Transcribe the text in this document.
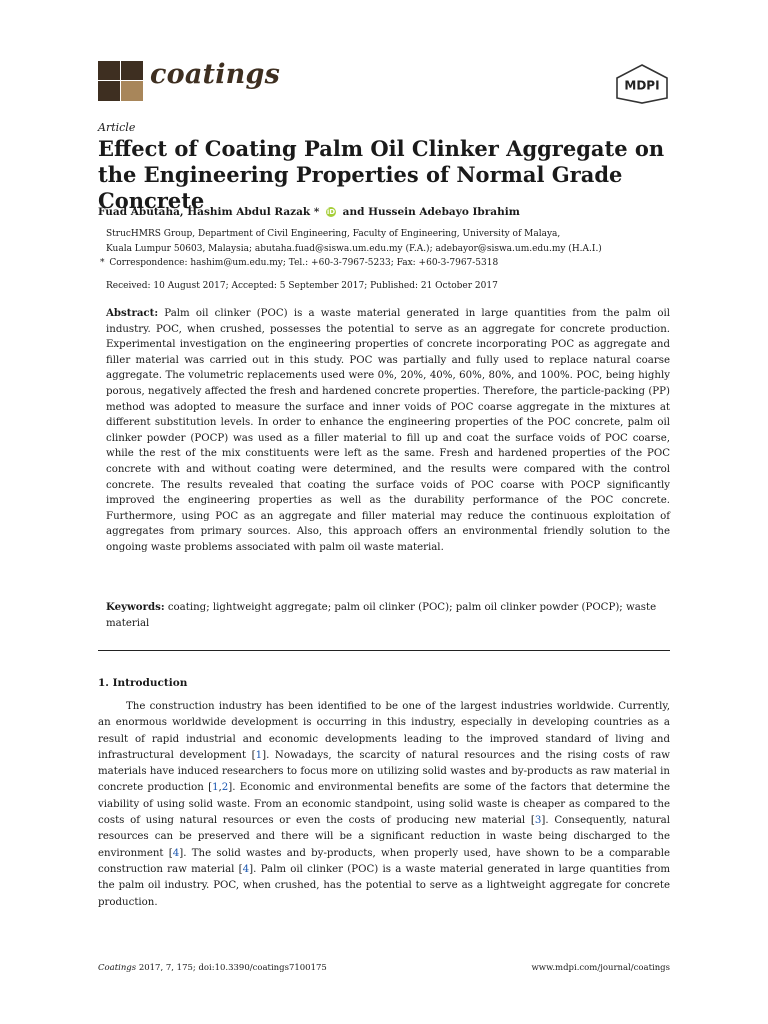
coatings	MDPI
Article
Effect of Coating Palm Oil Clinker Aggregate on the Engineering Properties of Normal Grade Concrete
Fuad Abutaha, Hashim Abdul Razak * iD and Hussein Adebayo Ibrahim
StrucHMRS Group, Department of Civil Engineering, Faculty of Engineering, University of Malaya,
Kuala Lumpur 50603, Malaysia; abutaha.fuad@siswa.um.edu.my (F.A.); adebayor@siswa.um.edu.my (H.A.I.)
* Correspondence: hashim@um.edu.my; Tel.: +60-3-7967-5233; Fax: +60-3-7967-5318
Received: 10 August 2017; Accepted: 5 September 2017; Published: 21 October 2017
Abstract: Palm oil clinker (POC) is a waste material generated in large quantities from the palm oil industry. POC, when crushed, possesses the potential to serve as an aggregate for concrete production. Experimental investigation on the engineering properties of concrete incorporating POC as aggregate and filler material was carried out in this study. POC was partially and fully used to replace natural coarse aggregate. The volumetric replacements used were 0%, 20%, 40%, 60%, 80%, and 100%. POC, being highly porous, negatively affected the fresh and hardened concrete properties. Therefore, the particle-packing (PP) method was adopted to measure the surface and inner voids of POC coarse aggregate in the mixtures at different substitution levels. In order to enhance the engineering properties of the POC concrete, palm oil clinker powder (POCP) was used as a filler material to fill up and coat the surface voids of POC coarse, while the rest of the mix constituents were left as the same. Fresh and hardened properties of the POC concrete with and without coating were determined, and the results were compared with the control concrete. The results revealed that coating the surface voids of POC coarse with POCP significantly improved the engineering properties as well as the durability performance of the POC concrete. Furthermore, using POC as an aggregate and filler material may reduce the continuous exploitation of aggregates from primary sources. Also, this approach offers an environmental friendly solution to the ongoing waste problems associated with palm oil waste material.
Keywords: coating; lightweight aggregate; palm oil clinker (POC); palm oil clinker powder (POCP); waste material
1. Introduction
The construction industry has been identified to be one of the largest industries worldwide. Currently, an enormous worldwide development is occurring in this industry, especially in developing countries as a result of rapid industrial and economic developments leading to the improved standard of living and infrastructural development [1]. Nowadays, the scarcity of natural resources and the rising costs of raw materials have induced researchers to focus more on utilizing solid wastes and by-products as raw material in concrete production [1,2]. Economic and environmental benefits are some of the factors that determine the viability of using solid waste. From an economic standpoint, using solid waste is cheaper as compared to the costs of using natural resources or even the costs of producing new material [3]. Consequently, natural resources can be preserved and there will be a significant reduction in waste being discharged to the environment [4]. The solid wastes and by-products, when properly used, have shown to be a comparable construction raw material [4]. Palm oil clinker (POC) is a waste material generated in large quantities from the palm oil industry. POC, when crushed, has the potential to serve as a lightweight aggregate for concrete production.
Coatings 2017, 7, 175; doi:10.3390/coatings7100175	www.mdpi.com/journal/coatings
